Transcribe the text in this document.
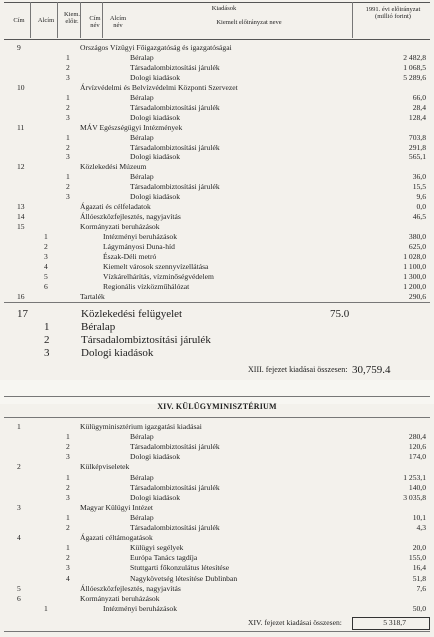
Cím	Alcím
Kiem. előir.	Cím név
Alcím név
Kiadások
Kiemelt előirányzat neve
1991. évi előirányzat (millió forint)
9	Országos Vízügyi Főigazgatóság és igazgatóságai
1	Béralap	2 482,8
2	Társadalombiztosítási járulék	1 068,5
3	Dologi kiadások	5 289,6
10	Árvízvédelmi és Belvízvédelmi Központi Szervezet
1	Béralap	66,0
2	Társadalombiztosítási járulék	28,4
3	Dologi kiadások	128,4
11	MÁV Egészségügyi Intézmények
1	Béralap	703,8
2	Társadalombiztosítási járulék	291,8
3	Dologi kiadások	565,1
12	Közlekedési Múzeum
1	Béralap	36,0
2	Társadalombiztosítási járulék	15,5
3	Dologi kiadások	9,6
13	Ágazati és célfeladatok	0,0
14	Állóeszközfejlesztés, nagyjavítás	46,5
15	Kormányzati beruházások
1	Intézményi beruházások	380,0
2	Lágymányosi Duna-híd	625,0
3	Észak-Déli metró	1 028,0
4	Kiemelt városok szennyvízellátása	1 100,0
5	Vízkárelhárítás, vízminőségvédelem	1 300,0
6	Regionális vízközműhálózat	1 200,0
16	Tartalék	290,6
17	Közlekedési felügyelet	75.0
1	Béralap
2	Társadalombiztosítási járulék
3	Dologi kiadások
XIII. fejezet kiadásai összesen: 30,759.4
XIV. KÜLÜGYMINISZTÉRIUM
1	Külügyminisztérium igazgatási kiadásai
1	Béralap	280,4
2	Társadalombiztosítási járulék	120,6
3	Dologi kiadások	174,0
2	Külképviseletek
1	Béralap	1 253,1
2	Társadalombiztosítási járulék	140,0
3	Dologi kiadások	3 035,8
3	Magyar Külügyi Intézet
1	Béralap	10,1
2	Társadalombiztosítási járulék	4,3
4	Ágazati céltámogatások
1	Külügyi segélyek	20,0
2	Európa Tanács tagdíja	155,0
3	Stuttgarti főkonzulátus létesítése	16,4
4	Nagykövetség létesítése Dublinban	51,8
5	Állóeszközfejlesztés, nagyjavítás	7,6
6	Kormányzati beruházások
1	Intézményi beruházások	50,0
XIV. fejezet kiadásai összesen:	5 318,7
